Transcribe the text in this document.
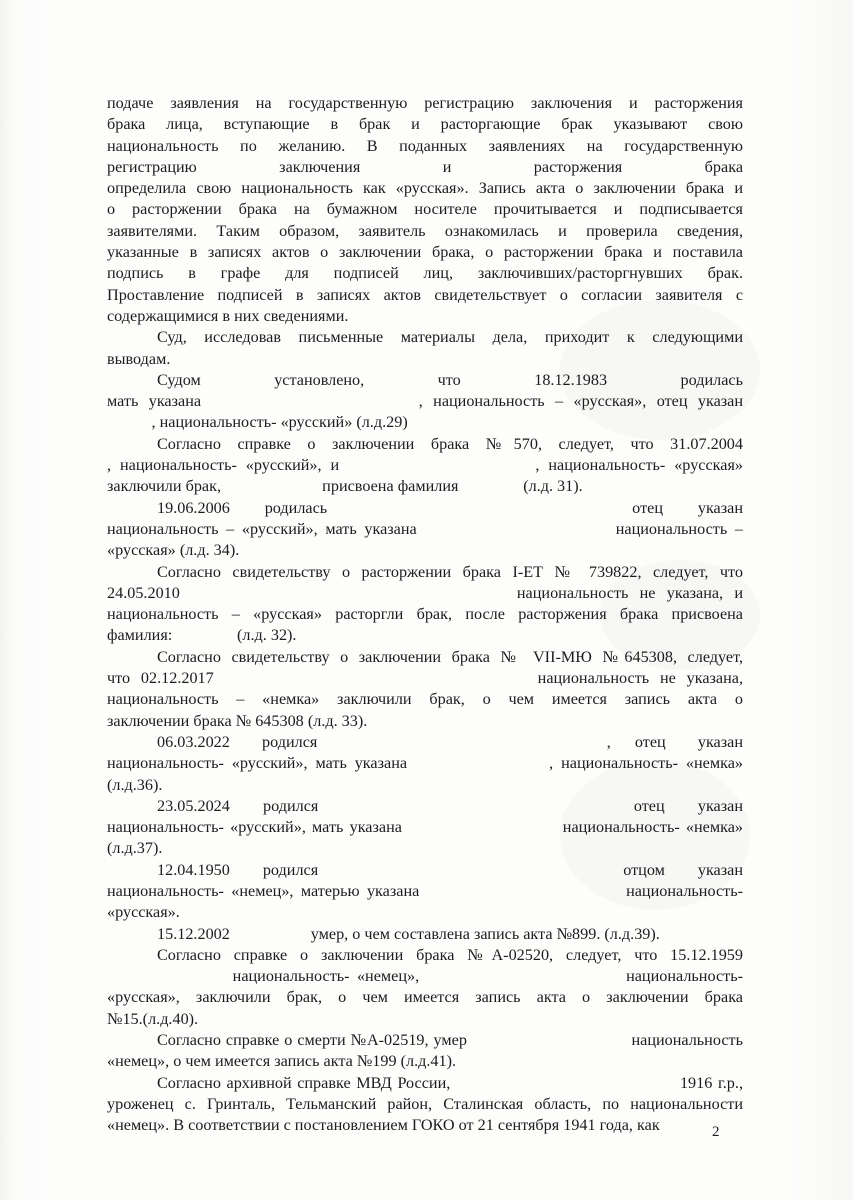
подаче заявления на государственную регистрацию заключения и расторжения
брака лица, вступающие в брак и расторгающие брак указывают свою
национальность по желанию. В поданных заявлениях на государственную
регистрацию заключения и расторжения брака
определила свою национальность как «русская». Запись акта о заключении брака и
о расторжении брака на бумажном носителе прочитывается и подписывается
заявителями. Таким образом, заявитель ознакомилась и проверила сведения,
указанные в записях актов о заключении брака, о расторжении брака и поставила
подпись в графе для подписей лиц, заключивших/расторгнувших брак.
Проставление подписей в записях актов свидетельствует о согласии заявителя с
содержащимися в них сведениями.
Суд, исследовав письменные материалы дела, приходит к следующими
выводам.
Судом установлено, что 18.12.1983 родилась
мать указана                     , национальность – «русская», отец указан
, национальность- «русский» (л.д.29)
Согласно справке о заключении брака №570, следует, что 31.07.2004
, национальность- «русский», и                      , национальность- «русская»
заключили брак,                         присвоена фамилия                (л.д. 31).
19.06.2006    родилась                                   отец    указан
национальность – «русский», мать указана                          национальность –
«русская» (л.д. 34).
Согласно свидетельству о расторжении брака I-ЕТ № 739822, следует, что
24.05.2010                              национальность не указана, и
национальность – «русская» расторгли брак, после расторжения брака присвоена
фамилия:                (л.д. 32).
Согласно свидетельству о заключении брака № VII-МЮ №645308, следует,
что 02.12.2017                              национальность не указана,
национальность – «немка» заключили брак, о чем имеется запись акта о
заключении брака № 645308 (л.д. 33).
06.03.2022    родился                                    ,   отец    указан
национальность- «русский», мать указана                  , национальность- «немка»
(л.д.36).
23.05.2024    родился                                      отец    указан
национальность- «русский», мать указана                          национальность- «немка»
(л.д.37).
12.04.1950    родился                                     отцом    указан
национальность- «немец», матерью указана                            национальность-
«русская».
15.12.2002                    умер, о чем составлена запись акта №899. (л.д.39).
Согласно справке о заключении брака №А-02520, следует, что 15.12.1959
национальность- «немец»,                            национальность-
«русская», заключили брак, о чем имеется запись акта о заключении брака
№15.(л.д.40).
Согласно справке о смерти №А-02519, умер                                 национальность
«немец», о чем имеется запись акта №199 (л.д.41).
Согласно архивной справке МВД России,                                         1916 г.р.,
уроженец с. Гринталь, Тельманский район, Сталинская область, по национальности
«немец». В соответствии с постановлением ГОКО от 21 сентября 1941 года, как	2
